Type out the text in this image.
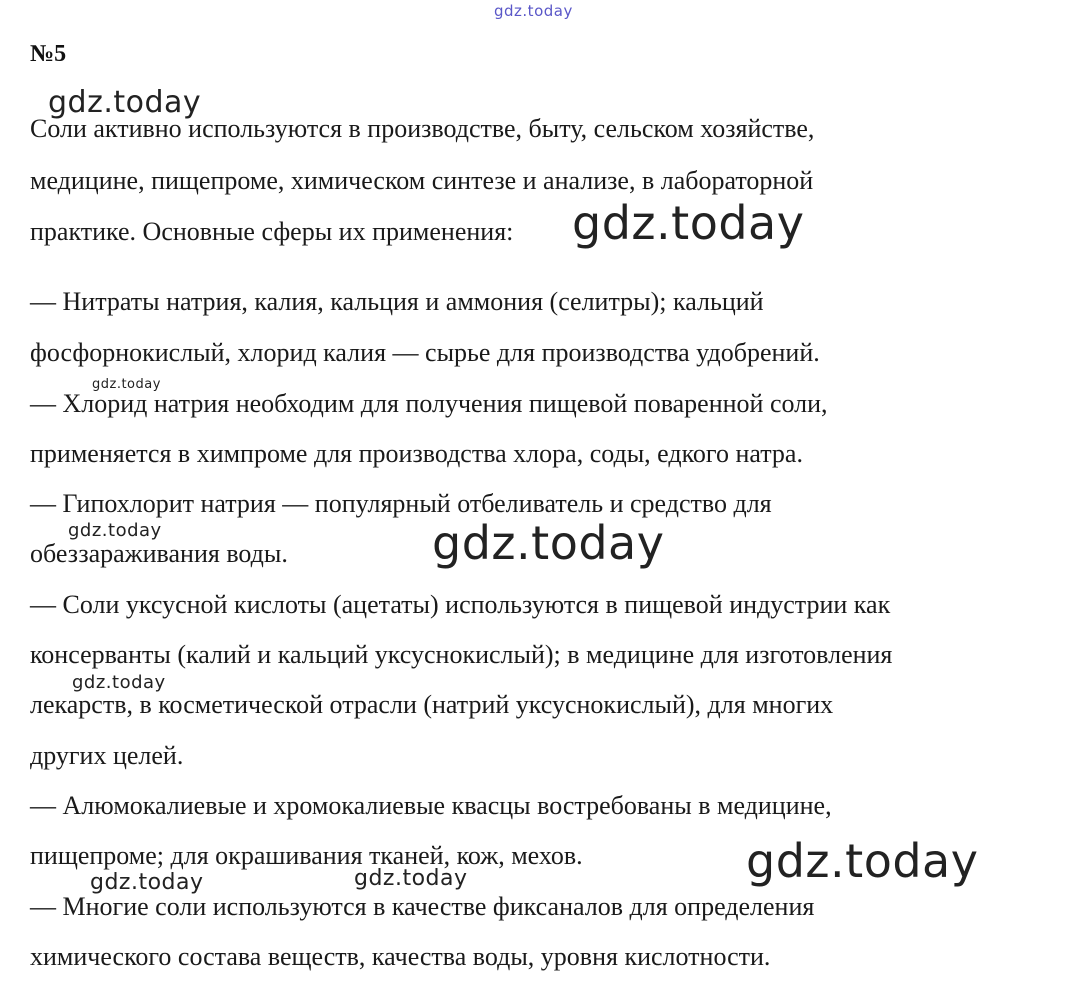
gdz.today
№5
Соли активно используются в производстве, быту, сельском хозяйстве,
медицине, пищепроме, химическом синтезе и анализе, в лабораторной
практике. Основные сферы их применения:
— Нитраты натрия, калия, кальция и аммония (селитры); кальций
фосфорнокислый, хлорид калия — сырье для производства удобрений.
— Хлорид натрия необходим для получения пищевой поваренной соли,
применяется в химпроме для производства хлора, соды, едкого натра.
— Гипохлорит натрия — популярный отбеливатель и средство для
обеззараживания воды.
— Соли уксусной кислоты (ацетаты) используются в пищевой индустрии как
консерванты (калий и кальций уксуснокислый); в медицине для изготовления
лекарств, в косметической отрасли (натрий уксуснокислый), для многих
других целей.
— Алюмокалиевые и хромокалиевые квасцы востребованы в медицине,
пищепроме; для окрашивания тканей, кож, мехов.
— Многие соли используются в качестве фиксаналов для определения
химического состава веществ, качества воды, уровня кислотности.
gdz.today
gdz.today
gdz.today
gdz.today	gdz.today
gdz.today
gdz.today
gdz.today	gdz.today
